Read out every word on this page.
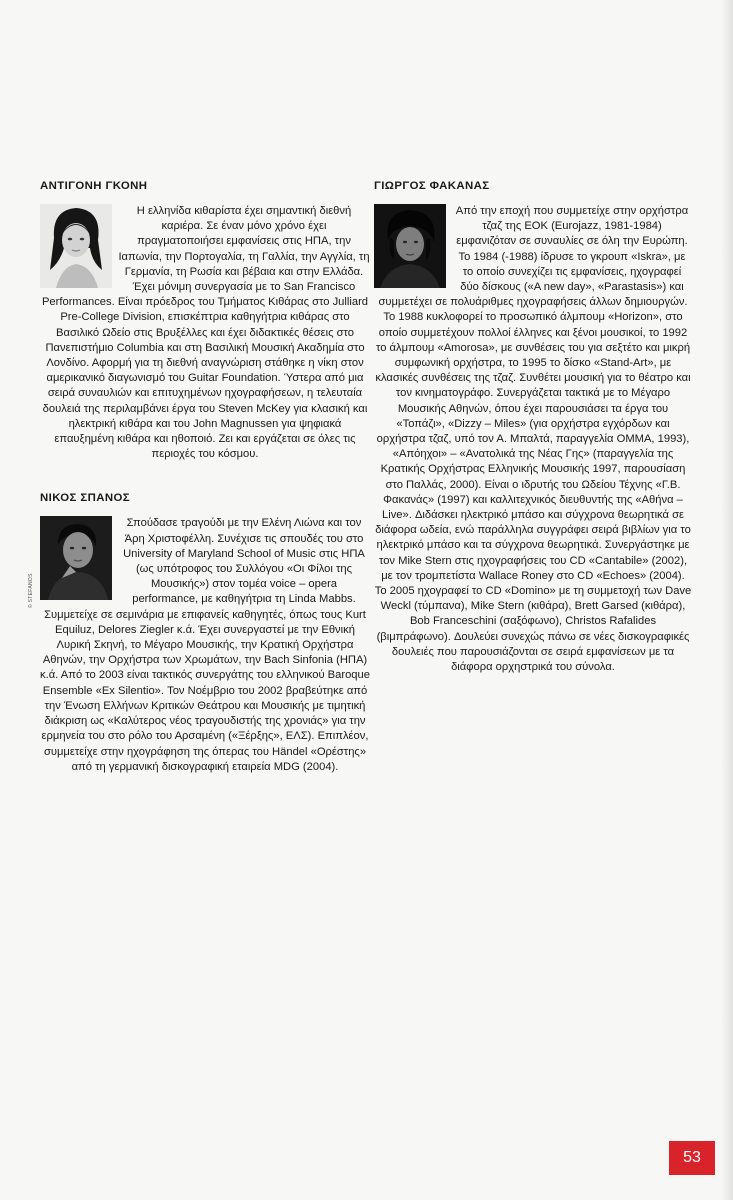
ΑΝΤΙΓΟΝΗ ΓΚΟΝΗ

Η ελληνίδα κιθαρίστα έχει σημαντική διεθνή καριέρα. Σε έναν μόνο χρόνο έχει πραγματοποιήσει εμφανίσεις στις ΗΠΑ, την Ιαπωνία, την Πορτογαλία, τη Γαλλία, την Αγγλία, τη Γερμανία, τη Ρωσία και βέβαια και στην Ελλάδα. Έχει μόνιμη συνεργασία με το San Francisco Performances. Είναι πρόεδρος του Τμήματος Κιθάρας στο Julliard Pre-College Division, επισκέπτρια καθηγήτρια κιθάρας στο Βασιλικό Ωδείο στις Βρυξέλλες και έχει διδακτικές θέσεις στο Πανεπιστήμιο Columbia και στη Βασιλική Μουσική Ακαδημία στο Λονδίνο. Αφορμή για τη διεθνή αναγνώριση στάθηκε η νίκη στον αμερικανικό διαγωνισμό του Guitar Foundation. Ύστερα από μια σειρά συναυλιών και επιτυχημένων ηχογραφήσεων, η τελευταία δουλειά της περιλαμβάνει έργα του Steven McKey για κλασική και ηλεκτρική κιθάρα και του John Magnussen για ψηφιακά επαυξημένη κιθάρα και ηθοποιό. Ζει και εργάζεται σε όλες τις περιοχές του κόσμου.

ΝΙΚΟΣ ΣΠΑΝΟΣ
© STEFANOS

Σπούδασε τραγούδι με την Ελένη Λιώνα και τον Άρη Χριστοφέλλη. Συνέχισε τις σπουδές του στο University of Maryland School of Music στις ΗΠΑ (ως υπότροφος του Συλλόγου «Οι Φίλοι της Μουσικής») στον τομέα voice – opera performance, με καθηγήτρια τη Linda Mabbs. Συμμετείχε σε σεμινάρια με επιφανείς καθηγητές, όπως τους Kurt Equiluz, Delores Ziegler κ.ά. Έχει συνεργαστεί με την Εθνική Λυρική Σκηνή, το Μέγαρο Μουσικής, την Κρατική Ορχήστρα Αθηνών, την Ορχήστρα των Χρωμάτων, την Bach Sinfonia (ΗΠΑ) κ.ά. Από το 2003 είναι τακτικός συνεργάτης του ελληνικού Baroque Ensemble «Ex Silentio». Τον Νοέμβριο του 2002 βραβεύτηκε από την Ένωση Ελλήνων Κριτικών Θεάτρου και Μουσικής με τιμητική διάκριση ως «Καλύτερος νέος τραγουδιστής της χρονιάς» για την ερμηνεία του στο ρόλο του Αρσαμένη («Ξέρξης», ΕΛΣ). Επιπλέον, συμμετείχε στην ηχογράφηση της όπερας του Händel «Ορέστης» από τη γερμανική δισκογραφική εταιρεία MDG (2004).

ΓΙΩΡΓΟΣ ΦΑΚΑΝΑΣ

Από την εποχή που συμμετείχε στην ορχήστρα τζαζ της ΕΟΚ (Eurojazz, 1981-1984) εμφανιζόταν σε συναυλίες σε όλη την Ευρώπη. Το 1984 (-1988) ίδρυσε το γκρουπ «Iskra», με το οποίο συνεχίζει τις εμφανίσεις, ηχογραφεί δύο δίσκους («A new day», «Parastasis») και συμμετέχει σε πολυάριθμες ηχογραφήσεις άλλων δημιουργών. Το 1988 κυκλοφορεί το προσωπικό άλμπουμ «Horizon», στο οποίο συμμετέχουν πολλοί έλληνες και ξένοι μουσικοί, το 1992 το άλμπουμ «Amorosa», με συνθέσεις του για σεξτέτο και μικρή συμφωνική ορχήστρα, το 1995 το δίσκο «Stand-Art», με κλασικές συνθέσεις της τζαζ. Συνθέτει μουσική για το θέατρο και τον κινηματογράφο. Συνεργάζεται τακτικά με το Μέγαρο Μουσικής Αθηνών, όπου έχει παρουσιάσει τα έργα του «Τοπάζι», «Dizzy – Miles» (για ορχήστρα εγχόρδων και ορχήστρα τζαζ, υπό τον Α. Μπαλτά, παραγγελία ΟΜΜΑ, 1993), «Απόηχοι» – «Ανατολικά της Νέας Γης» (παραγγελία της Κρατικής Ορχήστρας Ελληνικής Μουσικής 1997, παρουσίαση στο Παλλάς, 2000). Είναι ο ιδρυτής του Ωδείου Τέχνης «Γ.Β. Φακανάς» (1997) και καλλιτεχνικός διευθυντής της «Αθήνα – Live». Διδάσκει ηλεκτρικό μπάσο και σύγχρονα θεωρητικά σε διάφορα ωδεία, ενώ παράλληλα συγγράφει σειρά βιβλίων για το ηλεκτρικό μπάσο και τα σύγχρονα θεωρητικά. Συνεργάστηκε με τον Mike Stern στις ηχογραφήσεις του CD «Cantabile» (2002), με τον τρομπετίστα Wallace Roney στο CD «Echoes» (2004). Το 2005 ηχογραφεί το CD «Domino» με τη συμμετοχή των Dave Weckl (τύμπανα), Mike Stern (κιθάρα), Brett Garsed (κιθάρα), Bob Franceschini (σαξόφωνο), Christos Rafalides (βιμπράφωνο). Δουλεύει συνεχώς πάνω σε νέες δισκογραφικές δουλειές που παρουσιάζονται σε σειρά εμφανίσεων με τα διάφορα ορχηστρικά του σύνολα.

53
